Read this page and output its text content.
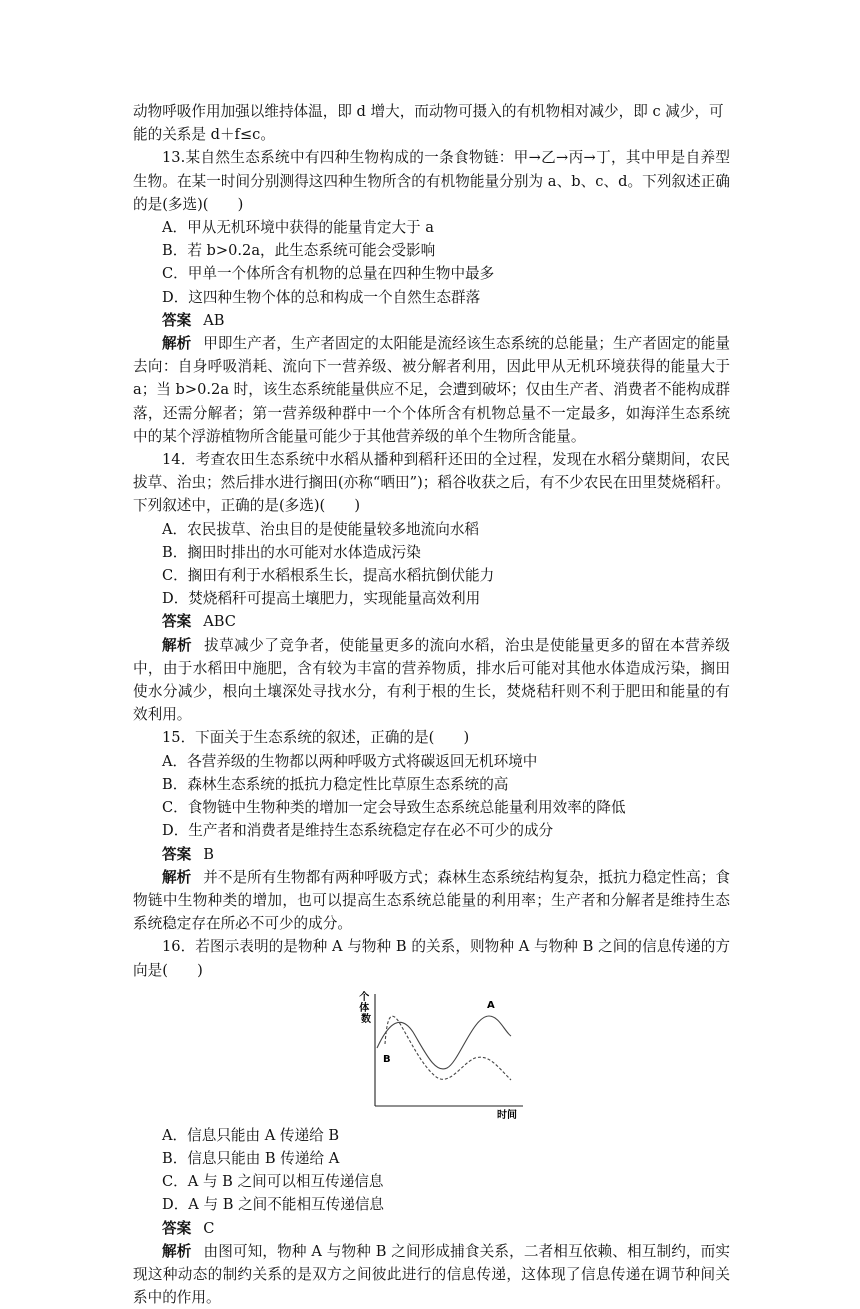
动物呼吸作用加强以维持体温，即 d 增大，而动物可摄入的有机物相对减少，即 c 减少，可

能的关系是 d＋f≤c。

13.某自然生态系统中有四种生物构成的一条食物链：甲→乙→丙→丁，其中甲是自养型生物。在某一时间分别测得这四种生物所含的有机物能量分别为 a、b、c、d。下列叙述正确的是(多选)(　　)

A．甲从无机环境中获得的能量肯定大于 a

B．若 b>0.2a，此生态系统可能会受影响

C．甲单一个体所含有机物的总量在四种生物中最多

D．这四种生物个体的总和构成一个自然生态群落

答案 AB

解析 甲即生产者，生产者固定的太阳能是流经该生态系统的总能量；生产者固定的能量去向：自身呼吸消耗、流向下一营养级、被分解者利用，因此甲从无机环境获得的能量大于 a；当 b>0.2a 时，该生态系统能量供应不足，会遭到破坏；仅由生产者、消费者不能构成群落，还需分解者；第一营养级种群中一个个体所含有机物总量不一定最多，如海洋生态系统中的某个浮游植物所含能量可能少于其他营养级的单个生物所含能量。

14．考查农田生态系统中水稻从播种到稻秆还田的全过程，发现在水稻分蘖期间，农民拔草、治虫；然后排水进行搁田(亦称“晒田”)；稻谷收获之后，有不少农民在田里焚烧稻秆。下列叙述中，正确的是(多选)(　　)

A．农民拔草、治虫目的是使能量较多地流向水稻

B．搁田时排出的水可能对水体造成污染

C．搁田有利于水稻根系生长，提高水稻抗倒伏能力

D．焚烧稻秆可提高土壤肥力，实现能量高效利用

答案 ABC

解析 拔草减少了竞争者，使能量更多的流向水稻，治虫是使能量更多的留在本营养级中，由于水稻田中施肥，含有较为丰富的营养物质，排水后可能对其他水体造成污染，搁田使水分减少，根向土壤深处寻找水分，有利于根的生长，焚烧秸秆则不利于肥田和能量的有效利用。

15．下面关于生态系统的叙述，正确的是(　　)

A．各营养级的生物都以两种呼吸方式将碳返回无机环境中

B．森林生态系统的抵抗力稳定性比草原生态系统的高

C．食物链中生物种类的增加一定会导致生态系统总能量利用效率的降低

D．生产者和消费者是维持生态系统稳定存在必不可少的成分

答案 B

解析 并不是所有生物都有两种呼吸方式；森林生态系统结构复杂，抵抗力稳定性高；食物链中生物种类的增加，也可以提高生态系统总能量的利用率；生产者和分解者是维持生态系统稳定存在所必不可少的成分。

16．若图示表明的是物种 A 与物种 B 的关系，则物种 A 与物种 B 之间的信息传递的方向是(　　)

个 体 数
时间
A
B

A．信息只能由 A 传递给 B

B．信息只能由 B 传递给 A

C．A 与 B 之间可以相互传递信息

D．A 与 B 之间不能相互传递信息

答案 C

解析 由图可知，物种 A 与物种 B 之间形成捕食关系，二者相互依赖、相互制约，而实现这种动态的制约关系的是双方之间彼此进行的信息传递，这体现了信息传递在调节种间关系中的作用。
